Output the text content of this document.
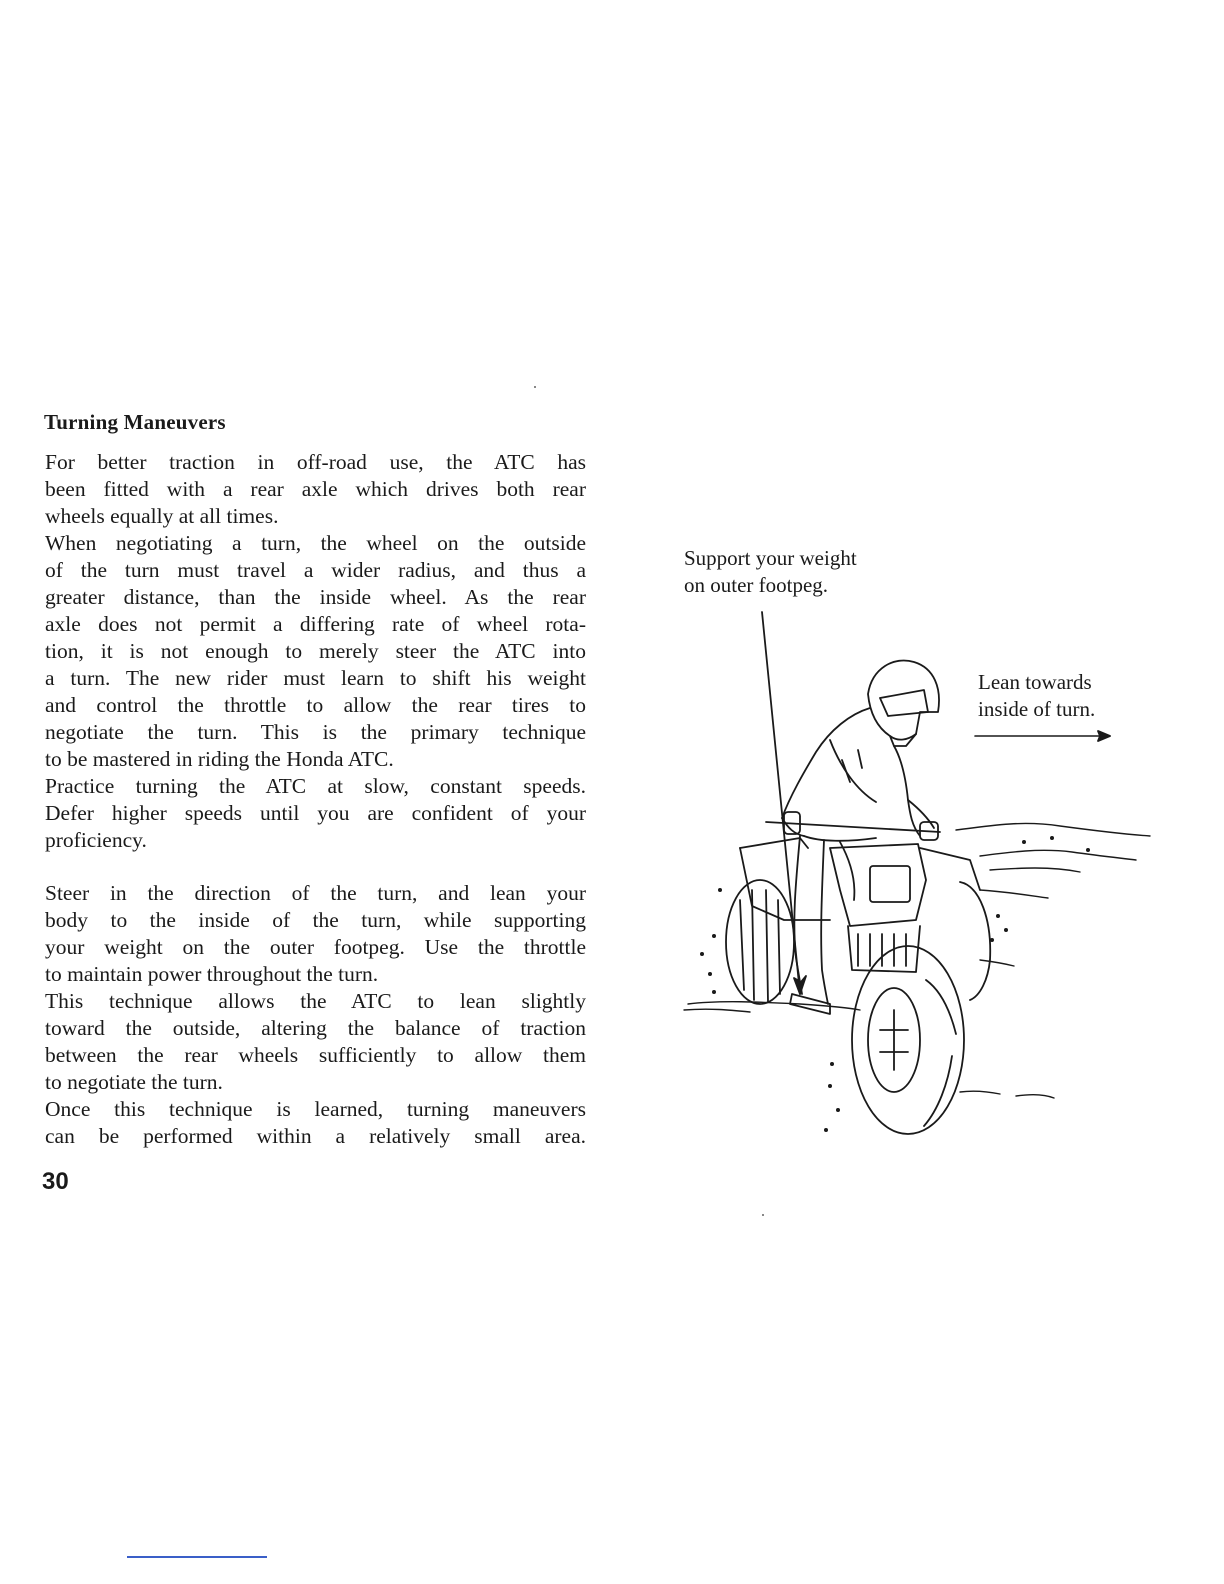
Turning Maneuvers
For better traction in off-road use, the ATC has
been fitted with a rear axle which drives both rear
wheels equally at all times.
When negotiating a turn, the wheel on the outside
of the turn must travel a wider radius, and thus a
greater distance, than the inside wheel. As the rear
axle does not permit a differing rate of wheel rota-
tion, it is not enough to merely steer the ATC into
a turn. The new rider must learn to shift his weight
and control the throttle to allow the rear tires to
negotiate the turn. This is the primary technique
to be mastered in riding the Honda ATC.
Practice turning the ATC at slow, constant speeds.
Defer higher speeds until you are confident of your
proficiency.
Steer in the direction of the turn, and lean your
body to the inside of the turn, while supporting
your weight on the outer footpeg. Use the throttle
to maintain power throughout the turn.
This technique allows the ATC to lean slightly
toward the outside, altering the balance of traction
between the rear wheels sufficiently to allow them
to negotiate the turn.
Once this technique is learned, turning maneuvers
can be performed within a relatively small area.
30
Support your weight
on outer footpeg.
Lean towards
inside of turn.
